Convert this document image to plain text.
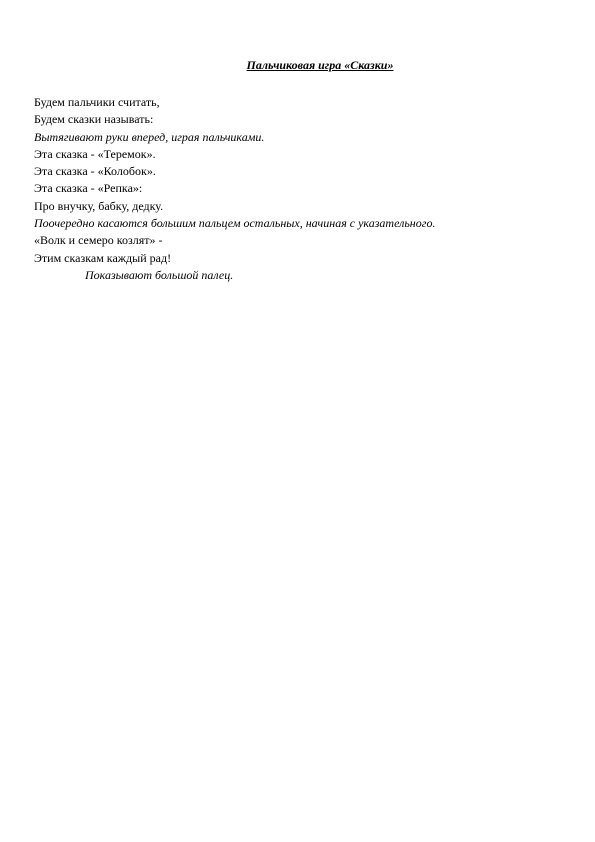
Пальчиковая игра «Сказки»
Будем пальчики считать,
Будем сказки называть:
Вытягивают руки вперед, играя пальчиками.
Эта сказка - «Теремок».
Эта сказка - «Колобок».
Эта сказка - «Репка»:
Про внучку, бабку, дедку.
Поочередно касаются большим пальцем остальных, начиная с указательного.
«Волк и семеро козлят» -
Этим сказкам каждый рад!
Показывают большой палец.
